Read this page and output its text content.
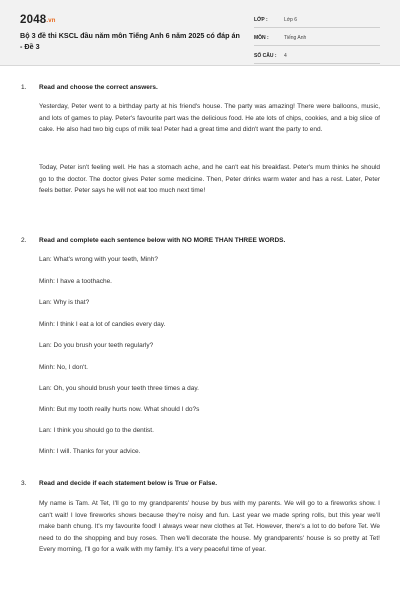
2048.vn
Bộ 3 đề thi KSCL đầu năm môn Tiếng Anh 6 năm 2025 có đáp án - Đề 3
LỚP :	Lớp 6
MÔN :	Tiếng Anh
SỐ CÂU : 4
1. Read and choose the correct answers.
Yesterday, Peter went to a birthday party at his friend's house. The party was amazing! There were balloons, music, and lots of games to play. Peter's favourite part was the delicious food. He ate lots of chips, cookies, and a big slice of cake. He also had two big cups of milk tea! Peter had a great time and didn't want the party to end.
Today, Peter isn't feeling well. He has a stomach ache, and he can't eat his breakfast. Peter's mum thinks he should go to the doctor. The doctor gives Peter some medicine. Then, Peter drinks warm water and has a rest. Later, Peter feels better. Peter says he will not eat too much next time!
2. Read and complete each sentence below with NO MORE THAN THREE WORDS.
Lan: What's wrong with your teeth, Minh?
Minh: I have a toothache.
Lan: Why is that?
Minh: I think I eat a lot of candies every day.
Lan: Do you brush your teeth regularly?
Minh: No, I don't.
Lan: Oh, you should brush your teeth three times a day.
Minh: But my tooth really hurts now. What should I do?s
Lan: I think you should go to the dentist.
Minh: I will. Thanks for your advice.
3. Read and decide if each statement below is True or False.
My name is Tam. At Tet, I'll go to my grandparents' house by bus with my parents. We will go to a fireworks show. I can't wait! I love fireworks shows because they're noisy and fun. Last year we made spring rolls, but this year we'll make banh chung. It's my favourite food! I always wear new clothes at Tet. However, there's a lot to do before Tet. We need to do the shopping and buy roses. Then we'll decorate the house. My grandparents' house is so pretty at Tet! Every morning, I'll go for a walk with my family. It's a very peaceful time of year.
